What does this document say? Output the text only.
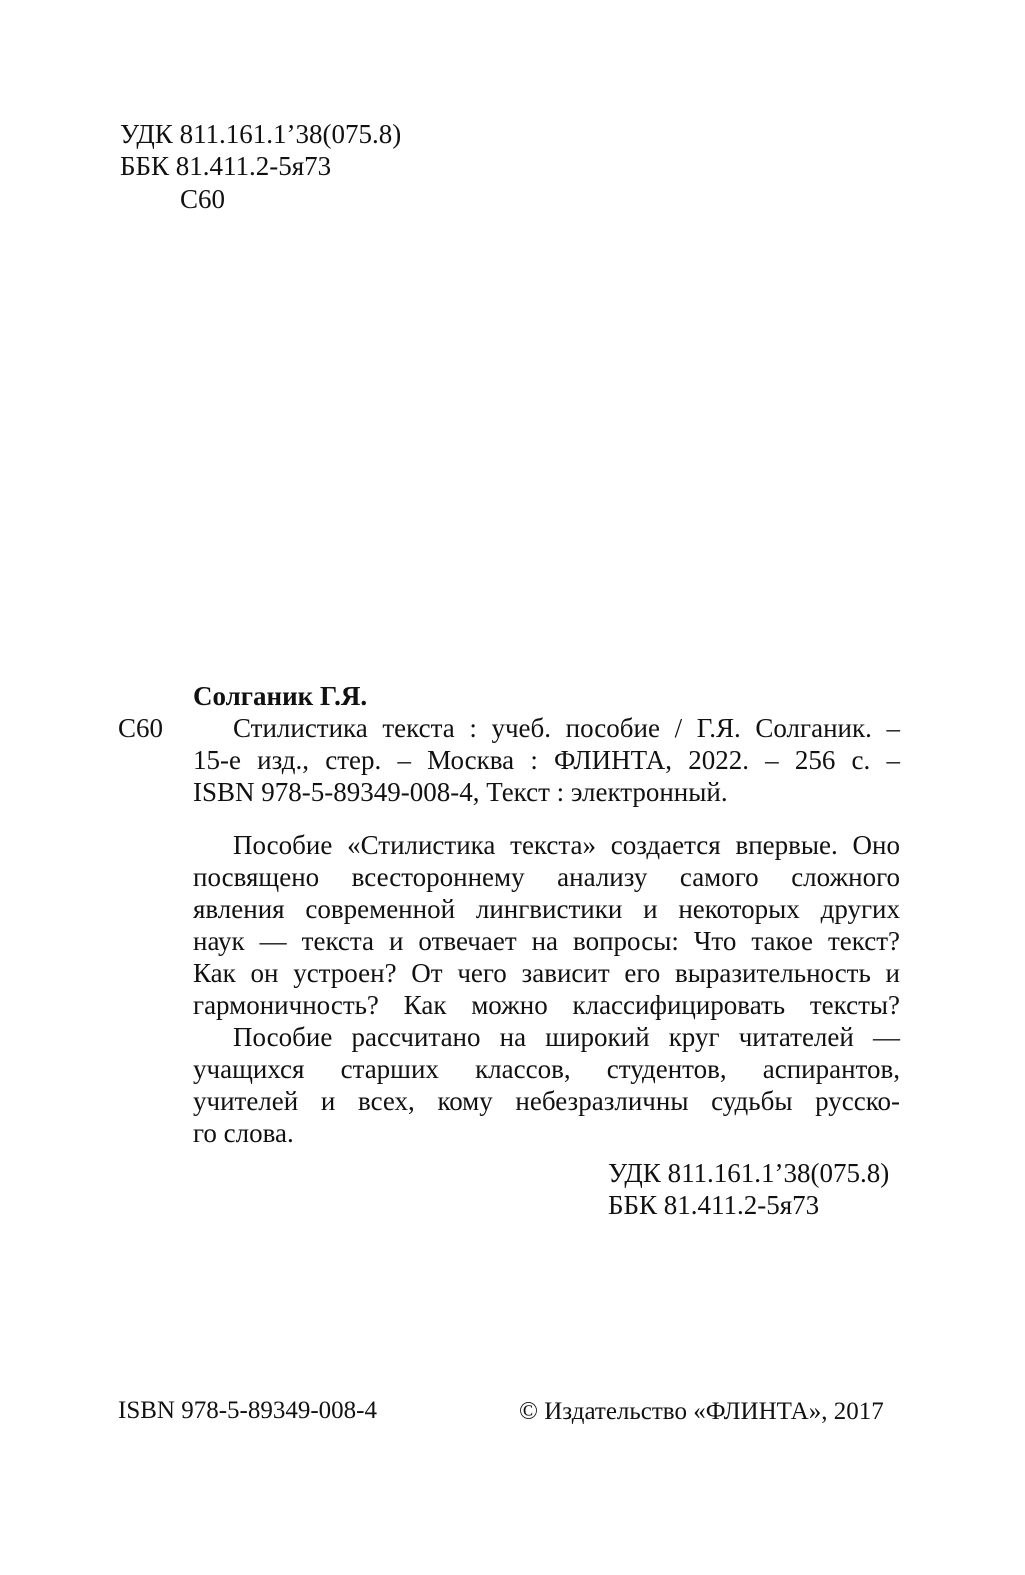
УДК 811.161.1’38(075.8)
ББК 81.411.2-5я73
С60
Солганик Г.Я.
С60	Стилистика текста : учеб. пособие / Г.Я. Солганик. –
15-е изд., стер. – Москва : ФЛИНТА, 2022. – 256 с. –
ISBN 978-5-89349-008-4, Текст : электронный.
Пособие «Стилистика текста» создается впервые. Оно
посвящено всестороннему анализу самого сложного
явления современной лингвистики и некоторых других
наук — текста и отвечает на вопросы: Что такое текст?
Как он устроен? От чего зависит его выразительность и
гармоничность? Как можно классифицировать тексты?
Пособие рассчитано на широкий круг читателей —
учащихся старших классов, студентов, аспирантов,
учителей и всех, кому небезразличны судьбы русско-
го слова.
УДК 811.161.1’38(075.8)
ББК 81.411.2-5я73
ISBN 978-5-89349-008-4	© Издательство «ФЛИНТА», 2017
